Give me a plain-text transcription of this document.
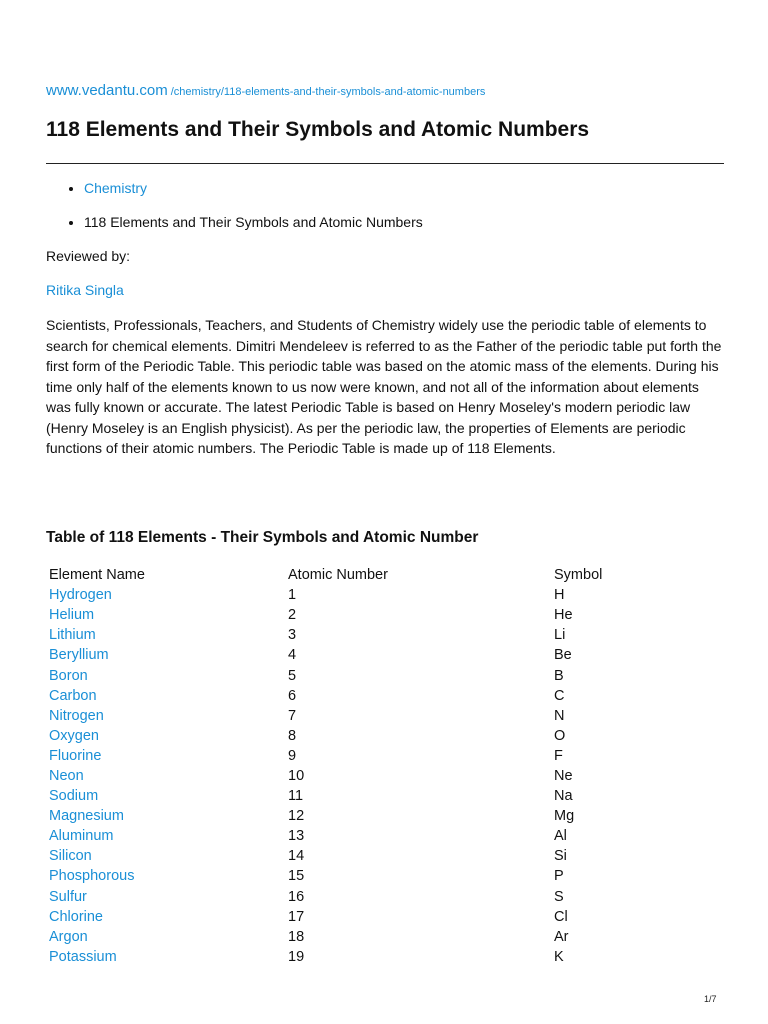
www.vedantu.com /chemistry/118-elements-and-their-symbols-and-atomic-numbers
118 Elements and Their Symbols and Atomic Numbers
• Chemistry
• 118 Elements and Their Symbols and Atomic Numbers
Reviewed by:
Ritika Singla

Scientists, Professionals, Teachers, and Students of Chemistry widely use the periodic table of elements to search for chemical elements. Dimitri Mendeleev is referred to as the Father of the periodic table put forth the first form of the Periodic Table. This periodic table was based on the atomic mass of the elements. During his time only half of the elements known to us now were known, and not all of the information about elements was fully known or accurate. The latest Periodic Table is based on Henry Moseley's modern periodic law (Henry Moseley is an English physicist). As per the periodic law, the properties of Elements are periodic functions of their atomic numbers. The Periodic Table is made up of 118 Elements.

Table of 118 Elements - Their Symbols and Atomic Number
Element Name	Atomic Number	Symbol
Hydrogen	1	H
Helium	2	He
Lithium	3	Li
Beryllium	4	Be
Boron	5	B
Carbon	6	C
Nitrogen	7	N
Oxygen	8	O
Fluorine	9	F
Neon	10	Ne
Sodium	11	Na
Magnesium	12	Mg
Aluminum	13	Al
Silicon	14	Si
Phosphorous	15	P
Sulfur	16	S
Chlorine	17	Cl
Argon	18	Ar
Potassium	19	K
1/7
